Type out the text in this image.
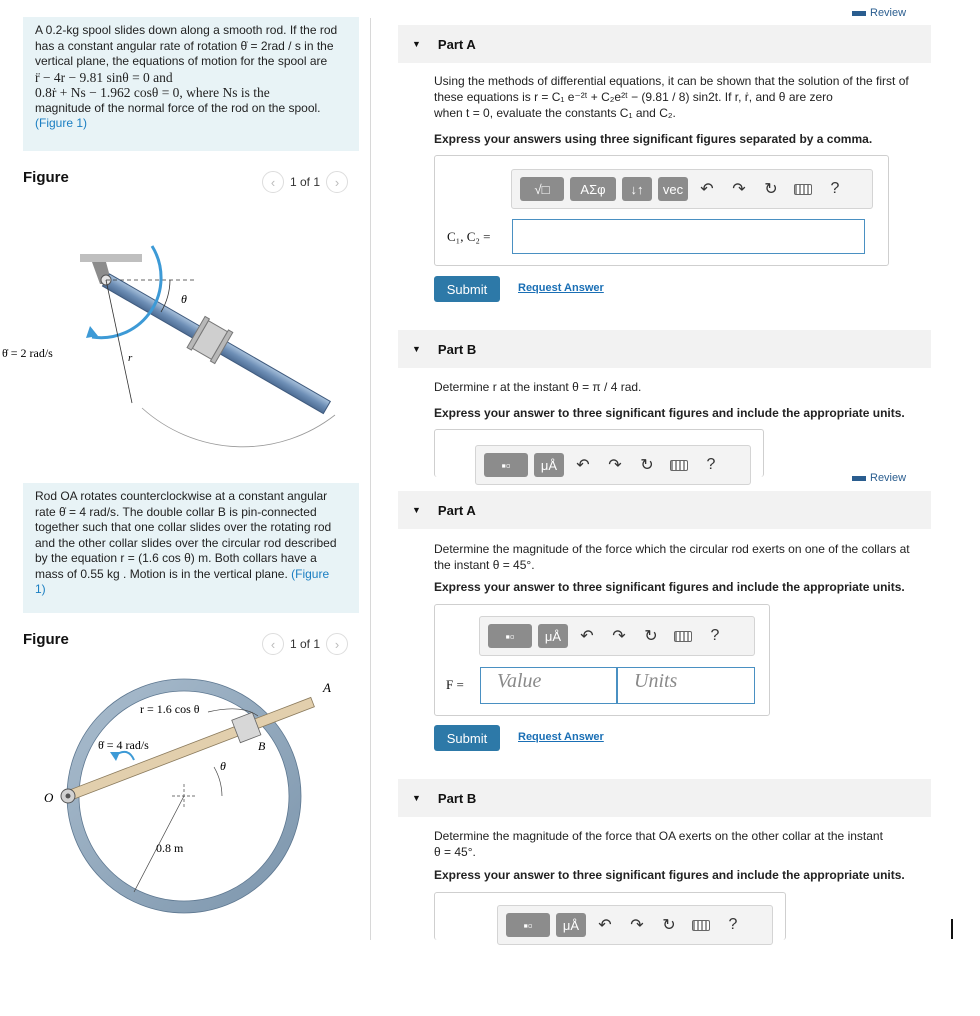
A 0.2-kg spool slides down along a smooth rod. If the rod
has a constant angular rate of rotation θ̇ = 2rad / s in the
vertical plane, the equations of motion for the spool are
r̈ − 4r − 9.81 sinθ = 0 and
0.8ṙ + Ns − 1.962 cosθ = 0, where Ns is the
magnitude of the normal force of the rod on the spool.
(Figure 1)
Figure	‹	1 of 1	›
θ
θ̇ = 2 rad/s	r
Rod OA rotates counterclockwise at a constant angular
rate θ̇ = 4 rad/s. The double collar B is pin-connected
together such that one collar slides over the rotating rod
and the other collar slides over the circular rod described
by the equation r = (1.6 cos θ) m. Both collars have a
mass of 0.55 kg . Motion is in the vertical plane. (Figure
1)
Figure	‹	1 of 1	›
A
r = 1.6 cos θ
θ̇ = 4 rad/s	B
θ
O
0.8 m
Review
▼ Part A
Using the methods of differential equations, it can be shown that the solution of the first of
these equations is r = C₁ e⁻²ᵗ + C₂e²ᵗ − (9.81 / 8) sin2t. If r, ṙ, and θ are zero
when t = 0, evaluate the constants C₁ and C₂.
Express your answers using three significant figures separated by a comma.
√□	ΑΣφ	↓↑	vec	↶	↷	↻	?
C₁, C₂ =
Submit	Request Answer
▼ Part B
Determine r at the instant θ = π / 4 rad.
Express your answer to three significant figures and include the appropriate units.
▪▫	μÅ	↶	↷	↻	?
Review
▼ Part A
Determine the magnitude of the force which the circular rod exerts on one of the collars at
the instant θ = 45°.
Express your answer to three significant figures and include the appropriate units.
▪▫	μÅ	↶	↷	↻	?
F =	Value	Units
Submit	Request Answer
▼ Part B
Determine the magnitude of the force that OA exerts on the other collar at the instant
θ = 45°.
Express your answer to three significant figures and include the appropriate units.
▪▫	μÅ	↶	↷	↻	?
